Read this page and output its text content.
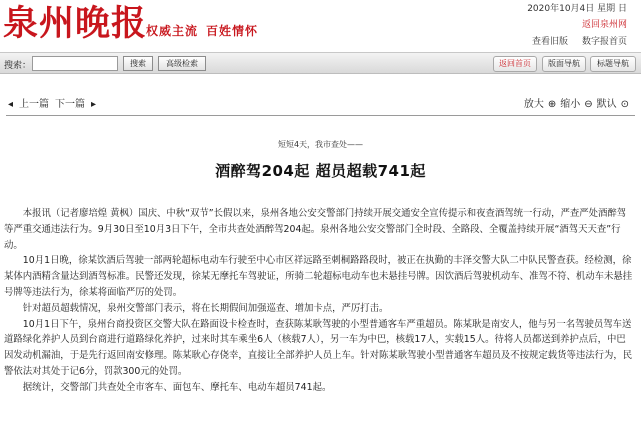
泉州晚报
权威主流 百姓情怀
2020年10月4日 星期 日
返回泉州网
查看旧版 数字报首页
搜索：	搜索	高级检索	返回首页	版面导航	标题导航
◂ 上一篇 下一篇 ▸	放大 ⊕ 缩小 ⊖ 默认 ⊙
短短4天，我市查处——
酒醉驾204起 超员超载741起

本报讯（记者廖培煌 黄枫）国庆、中秋“双节”长假以来，泉州各地公安交警部门持续开展交通安全宣传提示和夜查酒驾统一行动，严查严处酒醉驾等严重交通违法行为。9月30日至10月3日下午，全市共查处酒醉驾204起。泉州各地公安交警部门全时段、全路段、全覆盖持续开展“酒驾天天查”行动。

10月1日晚，徐某饮酒后驾驶一部两轮超标电动车行驶至中心市区祥远路至刺桐路路段时，被正在执勤的丰泽交警大队二中队民警查获。经检测，徐某体内酒精含量达到酒驾标准。民警还发现，徐某无摩托车驾驶证，所骑二轮超标电动车也未悬挂号牌。因饮酒后驾驶机动车、准驾不符、机动车未悬挂号牌等违法行为，徐某将面临严厉的处罚。

针对超员超载情况，泉州交警部门表示，将在长期假间加强巡查、增加卡点，严厉打击。

10月1日下午，泉州台商投资区交警大队在路面设卡检查时，查获陈某耿驾驶的小型普通客车严重超员。陈某耿是南安人，他与另一名驾驶员驾车送道路绿化养护人员到台商进行道路绿化养护，过来时其车乘坐6人（核载7人），另一车为中巴，核载17人，实载15人。待将人员都送到养护点后，中巴因发动机漏油，于是先行返回南安修理。陈某耿心存侥幸，直接让全部养护人员上车。针对陈某耿驾驶小型普通客车超员及不按规定载货等违法行为，民警依法对其处于记6分，罚款300元的处罚。

据统计，交警部门共查处全市客车、面包车、摩托车、电动车超员741起。
